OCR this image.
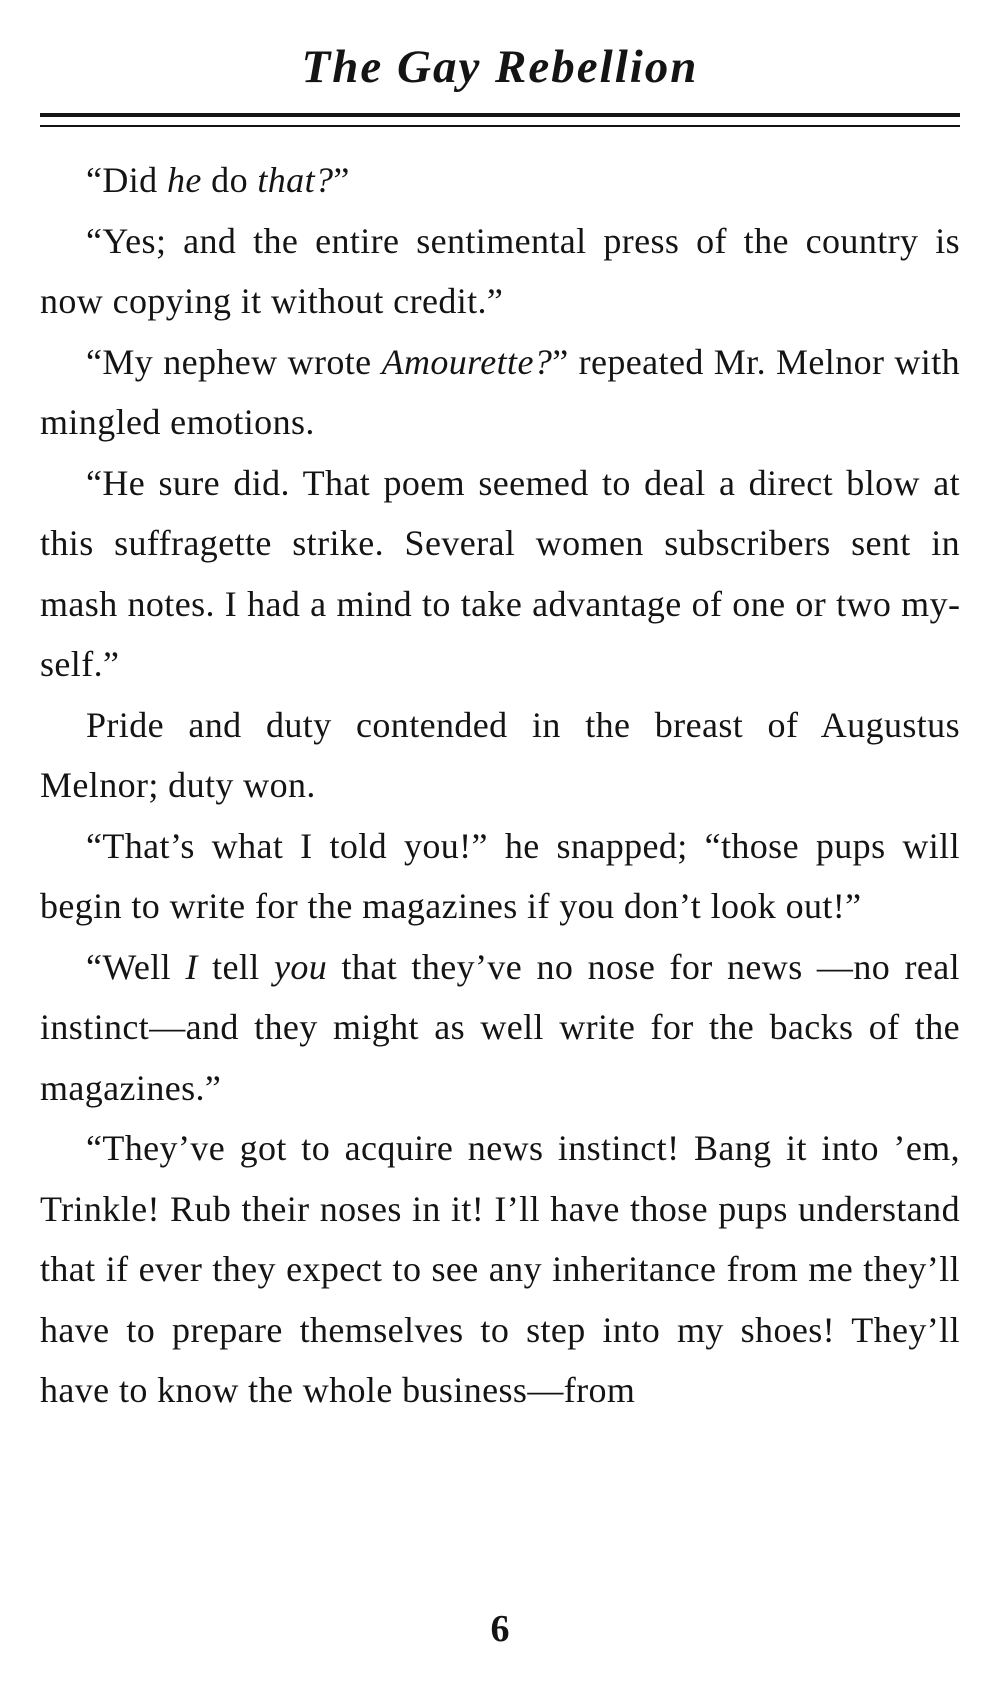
The Gay Rebellion

“Did he do that?”

“Yes; and the entire sentimental press of the country is now copying it without credit.”

“My nephew wrote Amourette?” repeated Mr. Melnor with mingled emotions.

“He sure did. That poem seemed to deal a direct blow at this suffragette strike. Several women subscribers sent in mash notes. I had a mind to take advantage of one or two myself.”

Pride and duty contended in the breast of Augustus Melnor; duty won.

“That’s what I told you!” he snapped; “those pups will begin to write for the magazines if you don’t look out!”

“Well I tell you that they’ve no nose for news —no real instinct—and they might as well write for the backs of the magazines.”

“They’ve got to acquire news instinct! Bang it into ’em, Trinkle! Rub their noses in it! I’ll have those pups understand that if ever they expect to see any inheritance from me they’ll have to prepare themselves to step into my shoes! They’ll have to know the whole business—from

6
